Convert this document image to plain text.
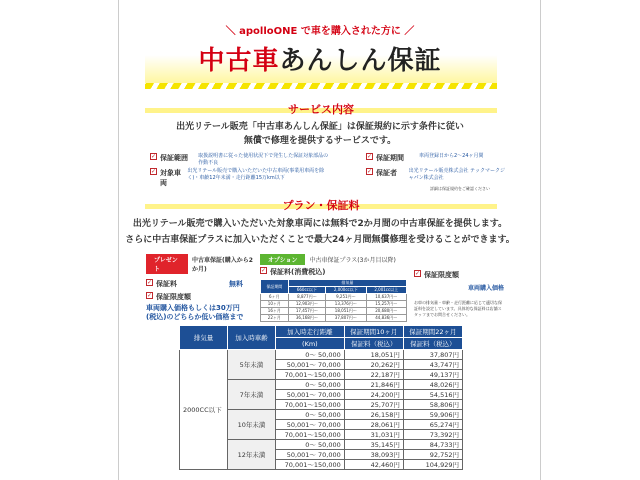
＼ apolloONE で車を購入された方に ／
中古車あんしん保証
サービス内容
出光リテール販売「中古車あんしん保証」は保証規約に示す条件に従い
無償で修理を提供するサービスです。
✓ 保証範囲	取扱説明書に従った使用状況下で発生した保証対象部品の作動不良
✓ 対象車両
出光リテール販売で購入いただいた中古車両(事業用車両を除く)・車齢12年未満・走行距離15万km以下
✓ 保証期間	車両登録日から2～24ヶ月間
✓ 保証者	出光リテール販売株式会社 テックマークジャパン株式会社
詳細は保証規約をご確認ください
プラン・保証料
出光リテール販売で購入いただいた対象車両には無料で2か月間の中古車保証を提供します。
さらに中古車保証プラスに加入いただくことで最大24ヶ月間無償修理を受けることができます。
プレゼント
中古車保証(購入から2か月)
✓ 保証料	無料
✓ 保証限度額
車両購入価格もしくは30万円(税込)のどちらか低い価格まで
オプション	中古車保証プラス(3か月目以降)
✓ 保証料(消費税込)
保証期間	排気量		
	660cc以下	2,000cc以下	2,001cc以上
6ヶ月	8,877円～	9,251円～	10,637円～
10ヶ月	12,903円～	13,376円～	15,257円～
16ヶ月	17,457円～	18,051円～	20,680円～
22ヶ月	36,168円～	37,807円～	44,836円～
✓ 保証限度額
車両購入価格
お車の排気量・車齢・走行距離に応じて適切な保証料を設定しています。具体的な保証料は店舗スタッフまでお問合せください。
排気量	加入時車齢	加入時走行距離	保証期間10ヶ月	保証期間22ヶ月
		(Km)	保証料（税込）	保証料（税込）
2000CC以下	5年未満	0～ 50,000	18,051円	37,807円
		50,001～ 70,000	20,262円	43,747円
		70,001～150,000	22,187円	49,137円
	7年未満	0～ 50,000	21,846円	48,026円
		50,001～ 70,000	24,200円	54,516円
		70,001～150,000	25,707円	58,806円
	10年未満	0～ 50,000	26,158円	59,906円
		50,001～ 70,000	28,061円	65,274円
		70,001～150,000	31,031円	73,392円
	12年未満	0～ 50,000	35,145円	84,733円
		50,001～ 70,000	38,093円	92,752円
		70,001～150,000	42,460円	104,929円
